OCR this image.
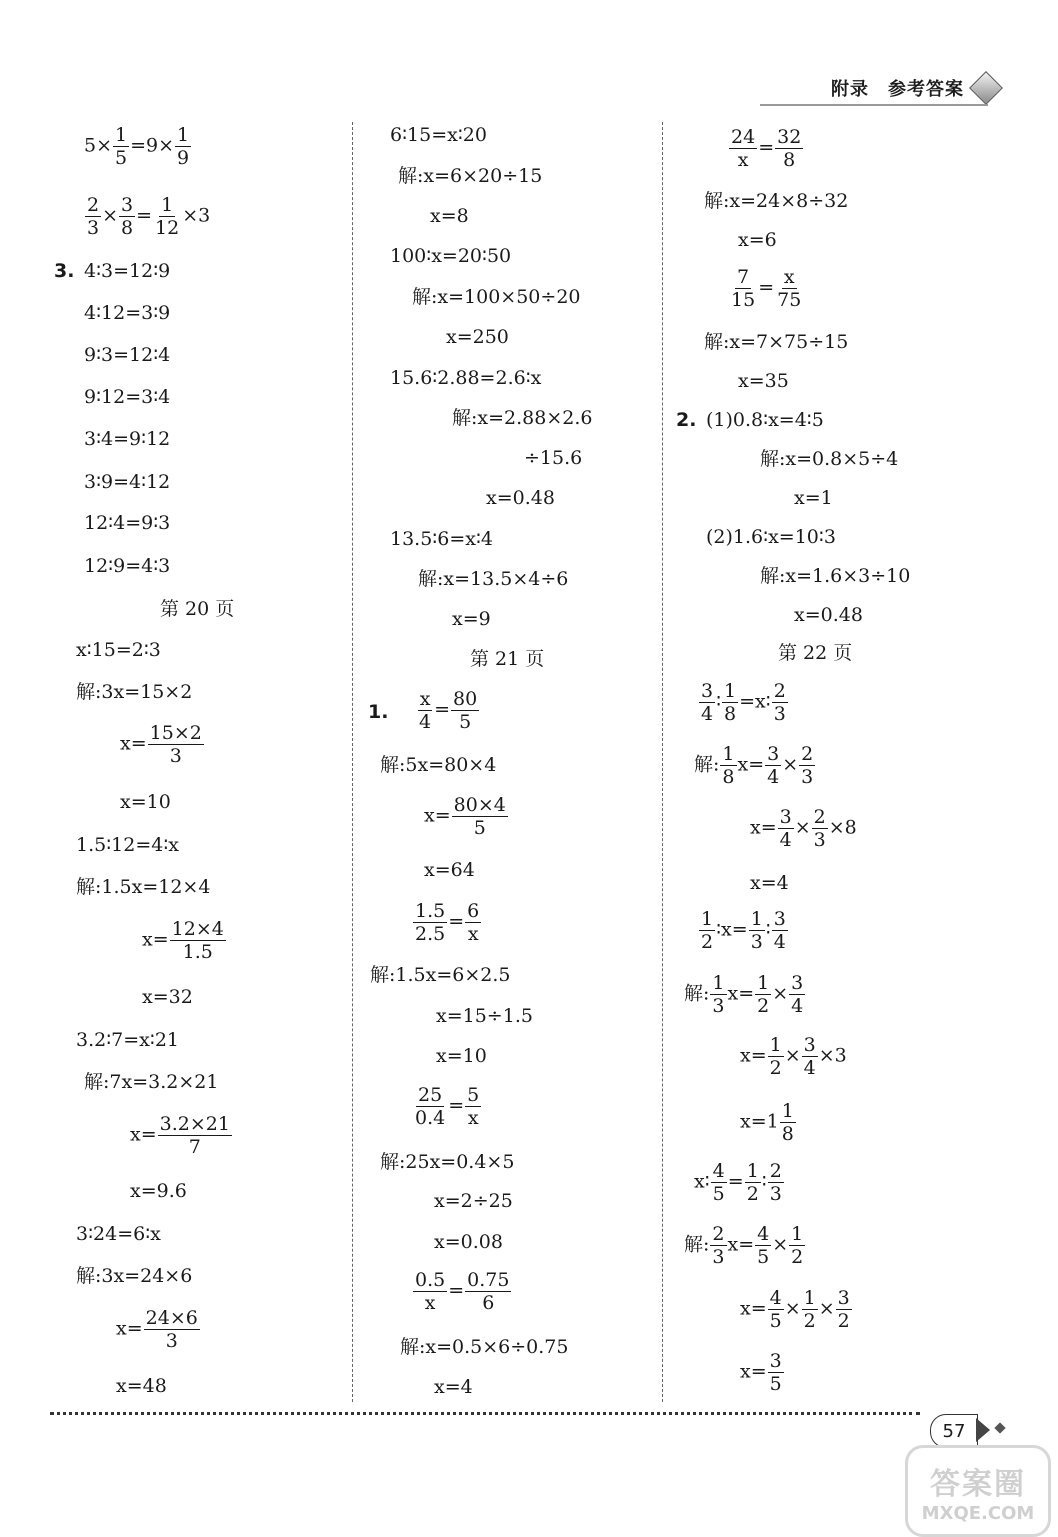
附录　参考答案
$5\times \frac{1}{5} =9\times \frac{1}{9}$
$\frac{2}{3} \times \frac{3}{8} = \frac{1}{12} \times 3$
3. 4∶3=12∶9
4∶12=3∶9
9∶3=12∶4
9∶12=3∶4
3∶4=9∶12
3∶9=4∶12
12∶4=9∶3
12∶9=4∶3
第 20 页
x∶15=2∶3
解:3x=15×2
$x= \frac{15\times 2}{3}$
x=10
1.5∶12=4∶x
解:1.5x=12×4
$x= \frac{12\times 4}{1.5}$
x=32
3.2∶7=x∶21
解:7x=3.2×21
$x= \frac{3.2\times 21}{7}$
x=9.6
3∶24=6∶x
解:3x=24×6
$x= \frac{24\times 6}{3}$
x=48
6∶15=x∶20
解:x=6×20÷15
x=8
100∶x=20∶50
解:x=100×50÷20
x=250
15.6∶2.88=2.6∶x
解:x=2.88×2.6
÷15.6
x=0.48
13.5∶6=x∶4
解:x=13.5×4÷6
x=9
第 21 页
1. $\frac{x}{4} = \frac{80}{5}$
解:5x=80×4
$x= \frac{80\times 4}{5}$
x=64
$\frac{1.5}{2.5} = \frac{6}{x}$
解:1.5x=6×2.5
x=15÷1.5
x=10
$\frac{25}{0.4} = \frac{5}{x}$
解:25x=0.4×5
x=2÷25
x=0.08
$\frac{0.5}{x} = \frac{0.75}{6}$
解:x=0.5×6÷0.75
x=4
$\frac{24}{x} = \frac{32}{8}$
解:x=24×8÷32
x=6
$\frac{7}{15} = \frac{x}{75}$
解:x=7×75÷15
x=35
2. (1)0.8∶x=4∶5
解:x=0.8×5÷4
x=1
(2)1.6∶x=10∶3
解:x=1.6×3÷10
x=0.48
第 22 页
$\frac{3}{4}$ ∶ $\frac{1}{8}$ =x∶ $\frac{2}{3}$
解: $\frac{1}{8} x= \frac{3}{4} \times \frac{2}{3}$
$x= \frac{3}{4} \times \frac{2}{3} \times 8$
x=4
$\frac{1}{2}$ ∶x= $\frac{1}{3}$ ∶ $\frac{3}{4}$
解: $\frac{1}{3} x= \frac{1}{2} \times \frac{3}{4}$
$x= \frac{1}{2} \times \frac{3}{4} \times 3$
$x=1 \frac{1}{8}$
x∶ $\frac{4}{5} = \frac{1}{2}$ ∶ $\frac{2}{3}$
解: $\frac{2}{3} x= \frac{4}{5} \times \frac{1}{2}$
$x= \frac{4}{5} \times \frac{1}{2} \times \frac{3}{2}$
$x= \frac{3}{5}$
57
答案圈
MXQE.COM
